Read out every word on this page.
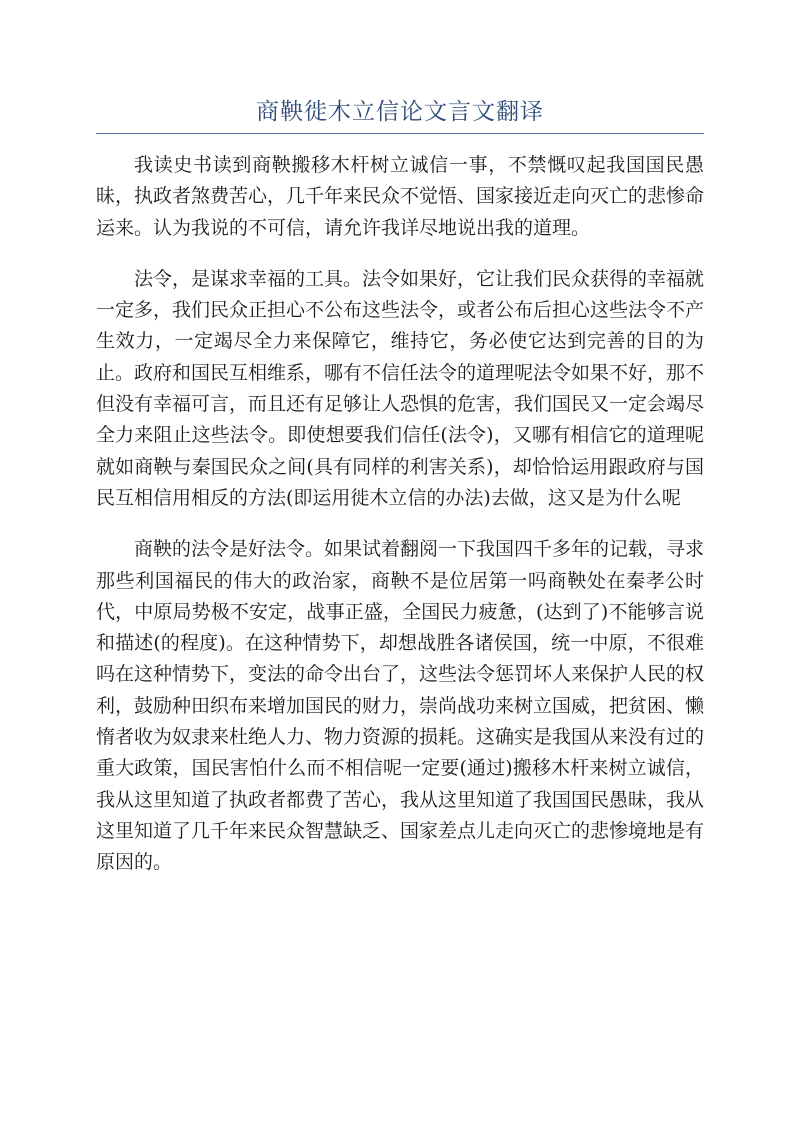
商鞅徙木立信论文言文翻译

我读史书读到商鞅搬移木杆树立诚信一事，不禁慨叹起我国国民愚昧，执政者煞费苦心，几千年来民众不觉悟、国家接近走向灭亡的悲惨命运来。认为我说的不可信，请允许我详尽地说出我的道理。

法令，是谋求幸福的工具。法令如果好，它让我们民众获得的幸福就一定多，我们民众正担心不公布这些法令，或者公布后担心这些法令不产生效力，一定竭尽全力来保障它，维持它，务必使它达到完善的目的为止。政府和国民互相维系，哪有不信任法令的道理呢法令如果不好，那不但没有幸福可言，而且还有足够让人恐惧的危害，我们国民又一定会竭尽全力来阻止这些法令。即使想要我们信任(法令)，又哪有相信它的道理呢就如商鞅与秦国民众之间(具有同样的利害关系)，却恰恰运用跟政府与国民互相信用相反的方法(即运用徙木立信的办法)去做，这又是为什么呢

商鞅的法令是好法令。如果试着翻阅一下我国四千多年的记载，寻求那些利国福民的伟大的政治家，商鞅不是位居第一吗商鞅处在秦孝公时代，中原局势极不安定，战事正盛，全国民力疲惫，(达到了)不能够言说和描述(的程度)。在这种情势下，却想战胜各诸侯国，统一中原，不很难吗在这种情势下，变法的命令出台了，这些法令惩罚坏人来保护人民的权利，鼓励种田织布来增加国民的财力，崇尚战功来树立国威，把贫困、懒惰者收为奴隶来杜绝人力、物力资源的损耗。这确实是我国从来没有过的重大政策，国民害怕什么而不相信呢一定要(通过)搬移木杆来树立诚信，我从这里知道了执政者都费了苦心，我从这里知道了我国国民愚昧，我从这里知道了几千年来民众智慧缺乏、国家差点儿走向灭亡的悲惨境地是有原因的。
